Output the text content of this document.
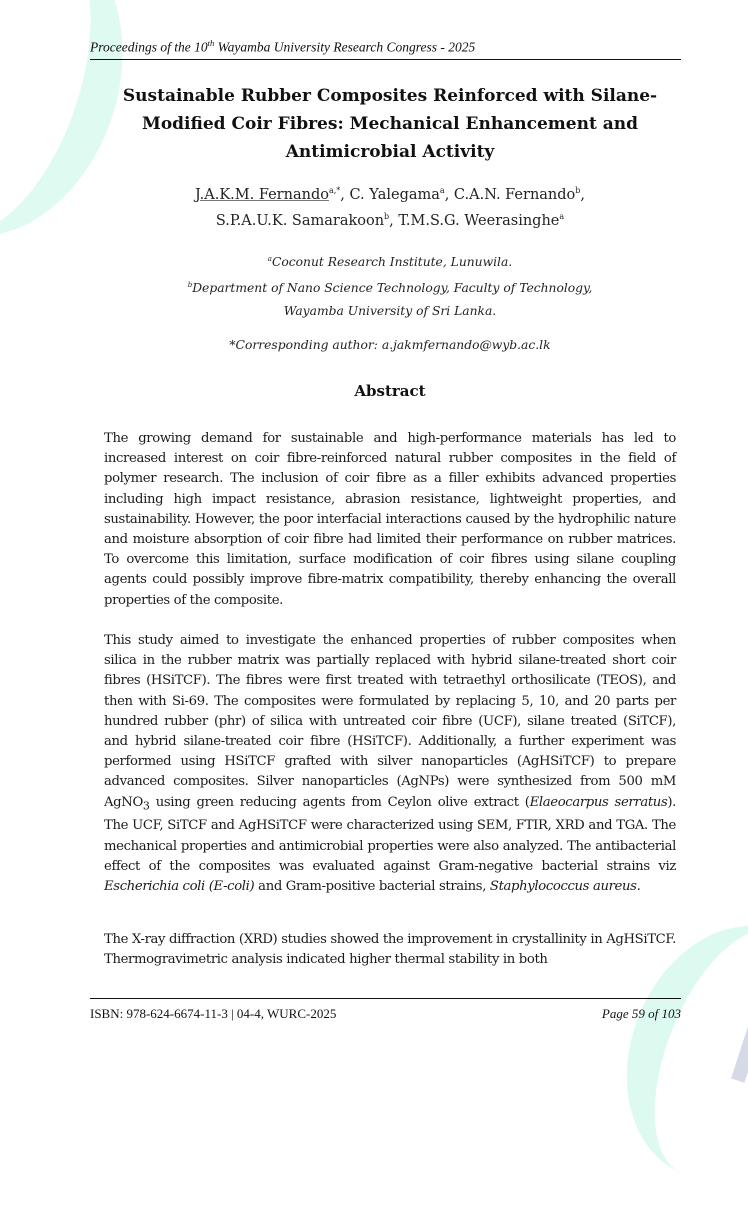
Proceedings of the 10th Wayamba University Research Congress - 2025
Sustainable Rubber Composites Reinforced with Silane-Modified Coir Fibres: Mechanical Enhancement and Antimicrobial Activity
J.A.K.M. Fernando$^{a,*}$, C. Yalegama$^a$, C.A.N. Fernando$^b$,
S.P.A.U.K. Samarakoon$^b$, T.M.S.G. Weerasinghe$^a$
$^a$Coconut Research Institute, Lunuwila.
$^b$Department of Nano Science Technology, Faculty of Technology,
Wayamba University of Sri Lanka.
*Corresponding author: a.jakmfernando@wyb.ac.lk
Abstract
The growing demand for sustainable and high-performance materials has led to increased interest on coir fibre-reinforced natural rubber composites in the field of polymer research. The inclusion of coir fibre as a filler exhibits advanced properties including high impact resistance, abrasion resistance, lightweight properties, and sustainability. However, the poor interfacial interactions caused by the hydrophilic nature and moisture absorption of coir fibre had limited their performance on rubber matrices. To overcome this limitation, surface modification of coir fibres using silane coupling agents could possibly improve fibre-matrix compatibility, thereby enhancing the overall properties of the composite.
This study aimed to investigate the enhanced properties of rubber composites when silica in the rubber matrix was partially replaced with hybrid silane-treated short coir fibres (HSiTCF). The fibres were first treated with tetraethyl orthosilicate (TEOS), and then with Si-69. The composites were formulated by replacing 5, 10, and 20 parts per hundred rubber (phr) of silica with untreated coir fibre (UCF), silane treated (SiTCF), and hybrid silane-treated coir fibre (HSiTCF). Additionally, a further experiment was performed using HSiTCF grafted with silver nanoparticles (AgHSiTCF) to prepare advanced composites. Silver nanoparticles (AgNPs) were synthesized from 500 mM AgNO$_3$ using green reducing agents from Ceylon olive extract (Elaeocarpus serratus). The UCF, SiTCF and AgHSiTCF were characterized using SEM, FTIR, XRD and TGA. The mechanical properties and antimicrobial properties were also analyzed. The antibacterial effect of the composites was evaluated against Gram-negative bacterial strains viz Escherichia coli (E-coli) and Gram-positive bacterial strains, Staphylococcus aureus.
The X-ray diffraction (XRD) studies showed the improvement in crystallinity in AgHSiTCF. Thermogravimetric analysis indicated higher thermal stability in both
ISBN: 978-624-6674-11-3 | 04-4, WURC-2025	Page 59 of 103
